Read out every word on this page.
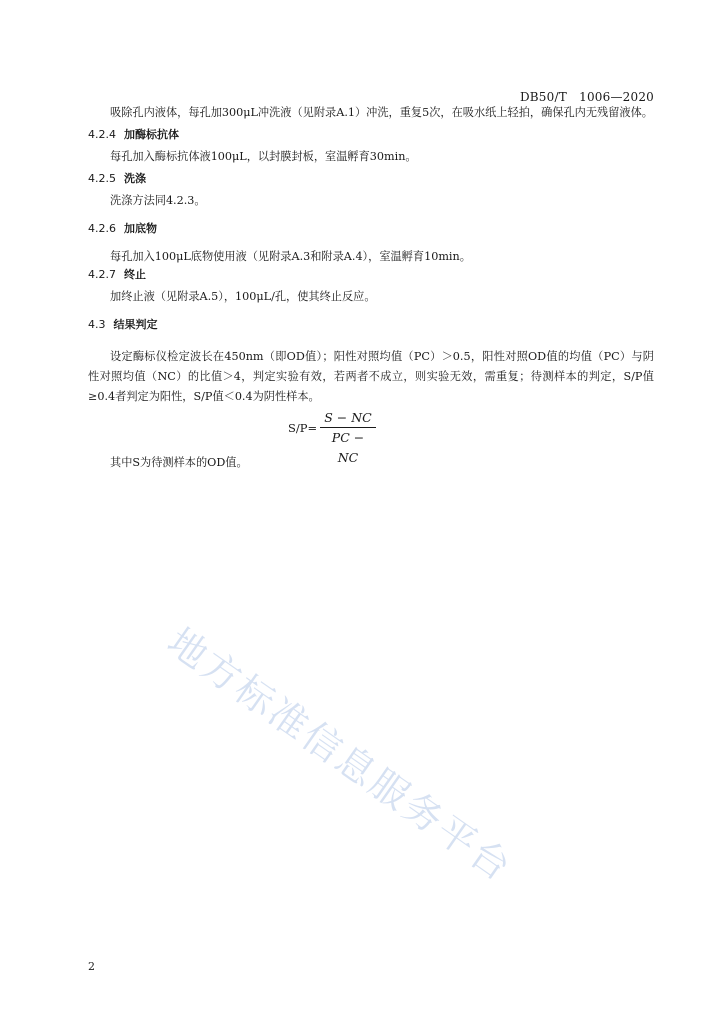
DB50/T　1006—2020

吸除孔内液体，每孔加300μL冲洗液（见附录A.1）冲洗，重复5次，在吸水纸上轻拍，确保孔内无残留液体。

4.2.4 加酶标抗体

每孔加入酶标抗体液100μL，以封膜封板，室温孵育30min。

4.2.5 洗涤

洗涤方法同4.2.3。

4.2.6 加底物

每孔加入100μL底物使用液（见附录A.3和附录A.4），室温孵育10min。

4.2.7 终止

加终止液（见附录A.5），100μL/孔，使其终止反应。

4.3 结果判定

设定酶标仪检定波长在450nm（即OD值）；阳性对照均值（PC）＞0.5，阳性对照OD值的均值（PC）与阴性对照均值（NC）的比值＞4，判定实验有效，若两者不成立，则实验无效，需重复；待测样本的判定，S/P值≥0.4者判定为阳性，S/P值＜0.4为阴性样本。

S/P=
S − NC
PC − NC

其中S为待测样本的OD值。

地方标准信息服务平台
2
